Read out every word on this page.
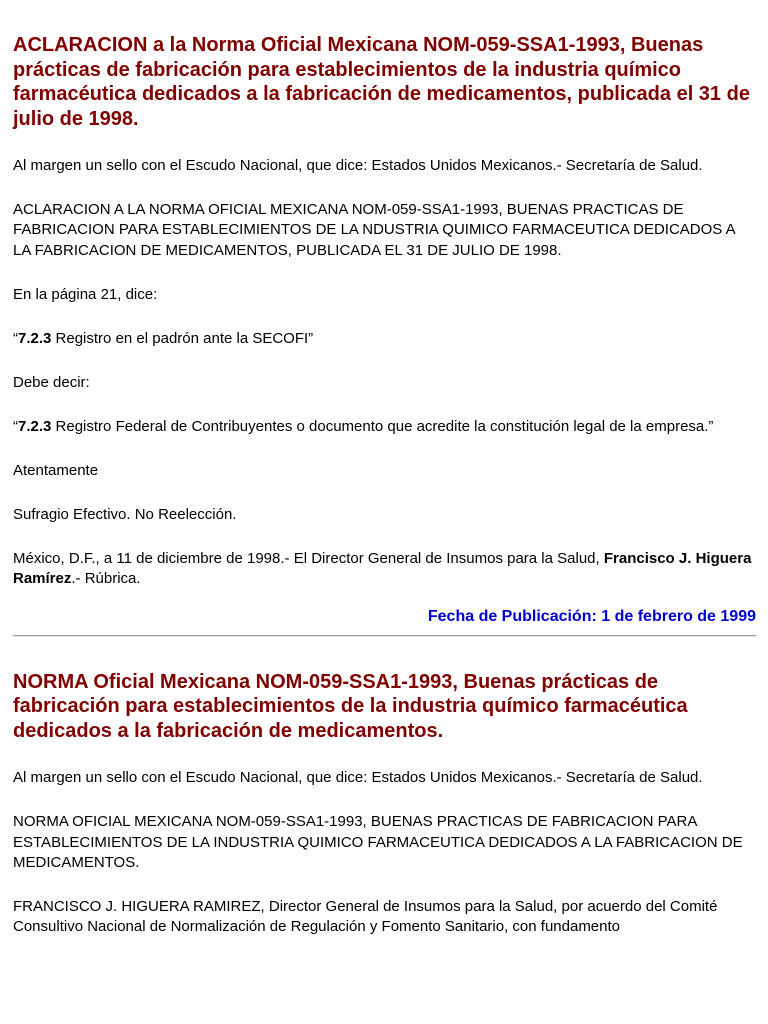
ACLARACION a la Norma Oficial Mexicana NOM-059-SSA1-1993, Buenas prácticas de fabricación para establecimientos de la industria químico farmacéutica dedicados a la fabricación de medicamentos, publicada el 31 de julio de 1998.

Al margen un sello con el Escudo Nacional, que dice: Estados Unidos Mexicanos.- Secretaría de Salud.

ACLARACION A LA NORMA OFICIAL MEXICANA NOM-059-SSA1-1993, BUENAS PRACTICAS DE FABRICACION PARA ESTABLECIMIENTOS DE LA NDUSTRIA QUIMICO FARMACEUTICA DEDICADOS A LA FABRICACION DE MEDICAMENTOS, PUBLICADA EL 31 DE JULIO DE 1998.

En la página 21, dice:

“7.2.3 Registro en el padrón ante la SECOFI”

Debe decir:

“7.2.3 Registro Federal de Contribuyentes o documento que acredite la constitución legal de la empresa.”

Atentamente

Sufragio Efectivo. No Reelección.

México, D.F., a 11 de diciembre de 1998.- El Director General de Insumos para la Salud, Francisco J. Higuera Ramírez.- Rúbrica.

Fecha de Publicación: 1 de febrero de 1999

NORMA Oficial Mexicana NOM-059-SSA1-1993, Buenas prácticas de fabricación para establecimientos de la industria químico farmacéutica dedicados a la fabricación de medicamentos.

Al margen un sello con el Escudo Nacional, que dice: Estados Unidos Mexicanos.- Secretaría de Salud.

NORMA OFICIAL MEXICANA NOM-059-SSA1-1993, BUENAS PRACTICAS DE FABRICACION PARA ESTABLECIMIENTOS DE LA INDUSTRIA QUIMICO FARMACEUTICA DEDICADOS A LA FABRICACION DE MEDICAMENTOS.

FRANCISCO J. HIGUERA RAMIREZ, Director General de Insumos para la Salud, por acuerdo del Comité Consultivo Nacional de Normalización de Regulación y Fomento Sanitario, con fundamento
